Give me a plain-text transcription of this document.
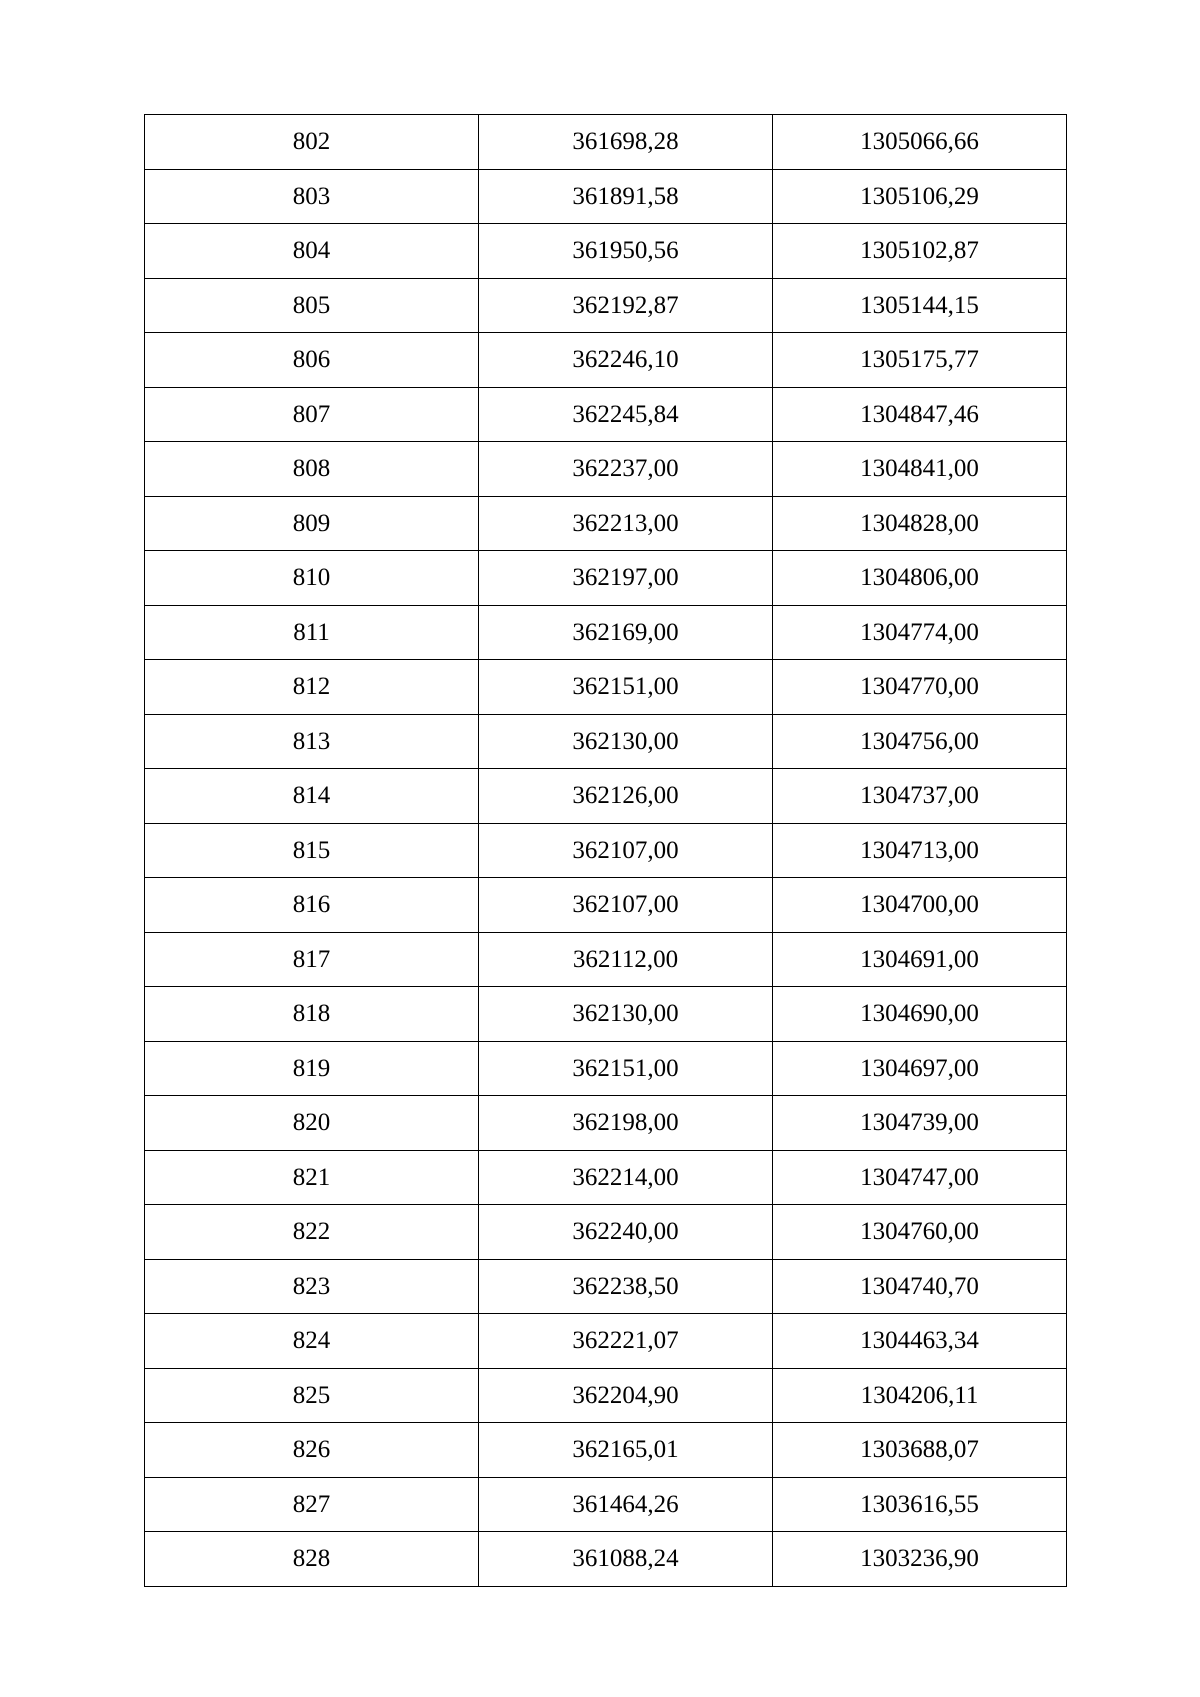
802	361698,28	1305066,66
803	361891,58	1305106,29
804	361950,56	1305102,87
805	362192,87	1305144,15
806	362246,10	1305175,77
807	362245,84	1304847,46
808	362237,00	1304841,00
809	362213,00	1304828,00
810	362197,00	1304806,00
811	362169,00	1304774,00
812	362151,00	1304770,00
813	362130,00	1304756,00
814	362126,00	1304737,00
815	362107,00	1304713,00
816	362107,00	1304700,00
817	362112,00	1304691,00
818	362130,00	1304690,00
819	362151,00	1304697,00
820	362198,00	1304739,00
821	362214,00	1304747,00
822	362240,00	1304760,00
823	362238,50	1304740,70
824	362221,07	1304463,34
825	362204,90	1304206,11
826	362165,01	1303688,07
827	361464,26	1303616,55
828	361088,24	1303236,90
